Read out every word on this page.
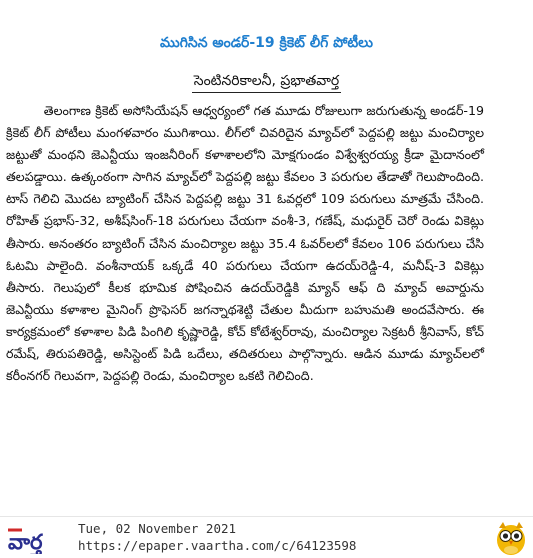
ముగిసిన అండర్‌-19 క్రికెట్ లీగ్ పోటీలు
సెంటినరికాలనీ, ప్రభాతవార్త

తెలంగాణ క్రికెట్ అసోసియేషన్ ఆధ్వర్యంలో గత మూడు రోజులుగా జరుగుతున్న అండర్-19 క్రికెట్ లీగ్ పోటీలు మంగళవారం ముగిశాయి. లీగ్‌లో చివరిదైన మ్యాచ్‌లో పెద్దపల్లి జట్టు మంచిర్యాల జట్టుతో మంథని జెఎన్టీయు ఇంజనీరింగ్ కళాశాలలోని మోక్షగుండం విశ్వేశ్వరయ్య క్రీడా మైదానంలో తలపడ్డాయి. ఉత్కంఠంగా సాగిన మ్యాచ్‌లో పెద్దపల్లి జట్టు కేవలం 3 పరుగుల తేడాతో గెలుపొందింది. టాస్ గెలిచి మొదట బ్యాటింగ్ చేసిన పెద్దపల్లి జట్టు 31 ఓవర్లలో 109 పరుగులు మాత్రమే చేసింది. రోహిత్ ప్రభాస్-32, అశీష్‌సింగ్-18 పరుగులు చేయగా వంశీ-3, గణేష్, మధురైర్ చెరో రెండు వికెట్లు తీసారు. అనంతరం బ్యాటింగ్ చేసిన మంచిర్యాల జట్టు 35.4 ఓవర్‌లలో కేవలం 106 పరుగులు చేసి ఓటమి పాలైంది. వంశీనాయక్ ఒక్కడే 40 పరుగులు చేయగా ఉదయ్‌రెడ్డి-4, మనీష్-3 వికెట్లు తీసారు. గెలుపులో కీలక భూమిక పోషించిన ఉదయ్‌రెడ్డికి మ్యాన్ ఆఫ్ ది మ్యాచ్ అవార్డును జెఎన్టీయు కళాశాల మైనింగ్ ప్రొఫెసర్ జగన్నాథశెట్టి చేతుల మీదుగా బహుమతి అందవేసారు. ఈ కార్యక్రమంలో కళాశాల పిడి పింగిలి కృష్ణారెడ్డి, కోచ్ కోటేశ్వర్‌రావు, మంచిర్యాల సెక్రటరీ శ్రీనివాస్, కోచ్ రమేష్, తిరుపతిరెడ్డి, అసిస్టెంట్ పిడి ఒదేలు, తదితరులు పాల్గొన్నారు. ఆడిన మూడు మ్యాచ్‌లలో కరీంనగర్ గెలువగా, పెద్దపల్లి రెండు, మంచిర్యాల ఒకటి గెలిచింది.

వార్త
Tue, 02 November 2021
https://epaper.vaartha.com/c/64123598
